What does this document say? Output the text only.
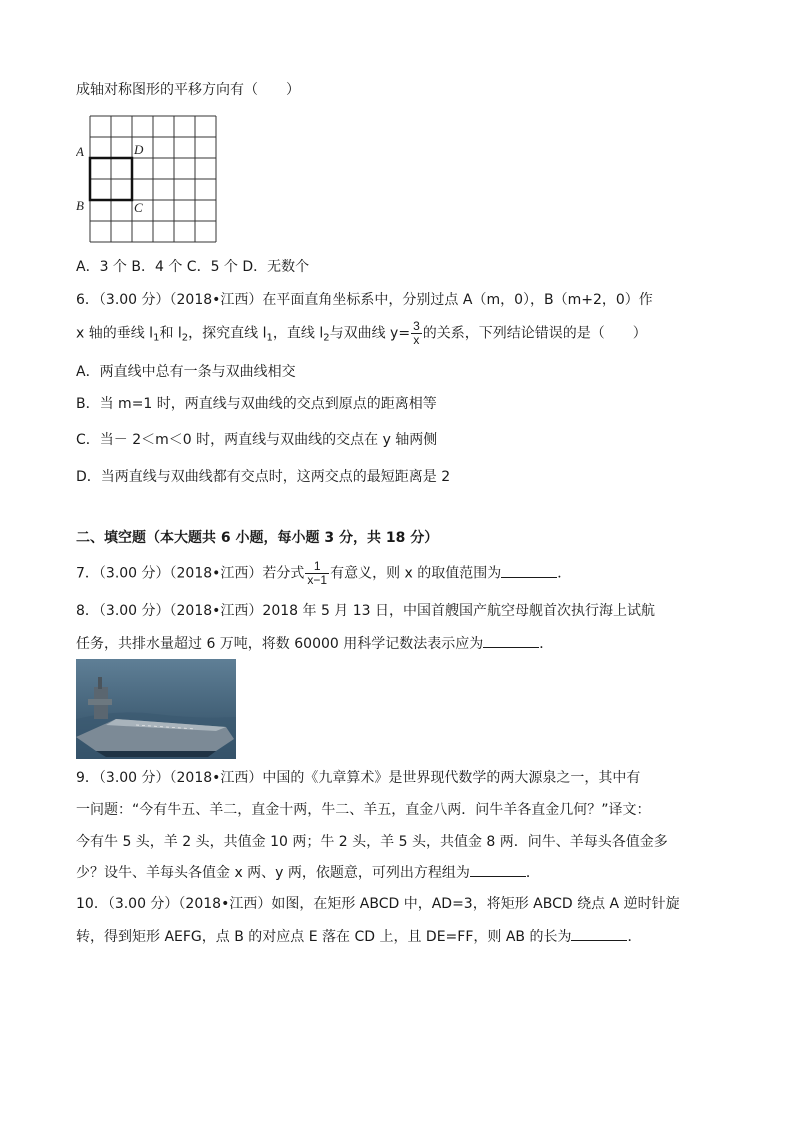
成轴对称图形的平移方向有（　　）
A
B	C
D
A．3 个 B．4 个 C．5 个 D．无数个
6．（3.00 分）（2018•江西）在平面直角坐标系中，分别过点 A（m，0），B（m+2，0）作
x 轴的垂线 $l_1$和 $l_2$，探究直线 $l_1$，直线 $l_2$与双曲线 $y= \frac{3}{x}$ 的关系，下列结论错误的是（　　）
A．两直线中总有一条与双曲线相交
B．当 m=1 时，两直线与双曲线的交点到原点的距离相等
C．当－ 2＜m＜0 时，两直线与双曲线的交点在 y 轴两侧
D．当两直线与双曲线都有交点时，这两交点的最短距离是 2
二、填空题（本大题共 6 小题，每小题 3 分，共 18 分）
7．（3.00 分）（2018•江西）若分式 $\frac{1}{x-1}$ 有意义，则 x 的取值范围为	．
8．（3.00 分）（2018•江西）2018 年 5 月 13 日，中国首艘国产航空母舰首次执行海上试航
任务，共排水量超过 6 万吨，将数 60000 用科学记数法表示应为	．
9．（3.00 分）（2018•江西）中国的《九章算术》是世界现代数学的两大源泉之一，其中有
一问题：“今有牛五、羊二，直金十两，牛二、羊五，直金八两．问牛羊各直金几何？”译文：
今有牛 5 头，羊 2 头，共值金 10 两；牛 2 头，羊 5 头，共值金 8 两．问牛、羊每头各值金多
少？设牛、羊每头各值金 x 两、y 两，依题意，可列出方程组为	．
10．（3.00 分）（2018•江西）如图，在矩形 ABCD 中，AD=3，将矩形 ABCD 绕点 A 逆时针旋
转，得到矩形 AEFG，点 B 的对应点 E 落在 CD 上，且 DE=FF，则 AB 的长为	．
